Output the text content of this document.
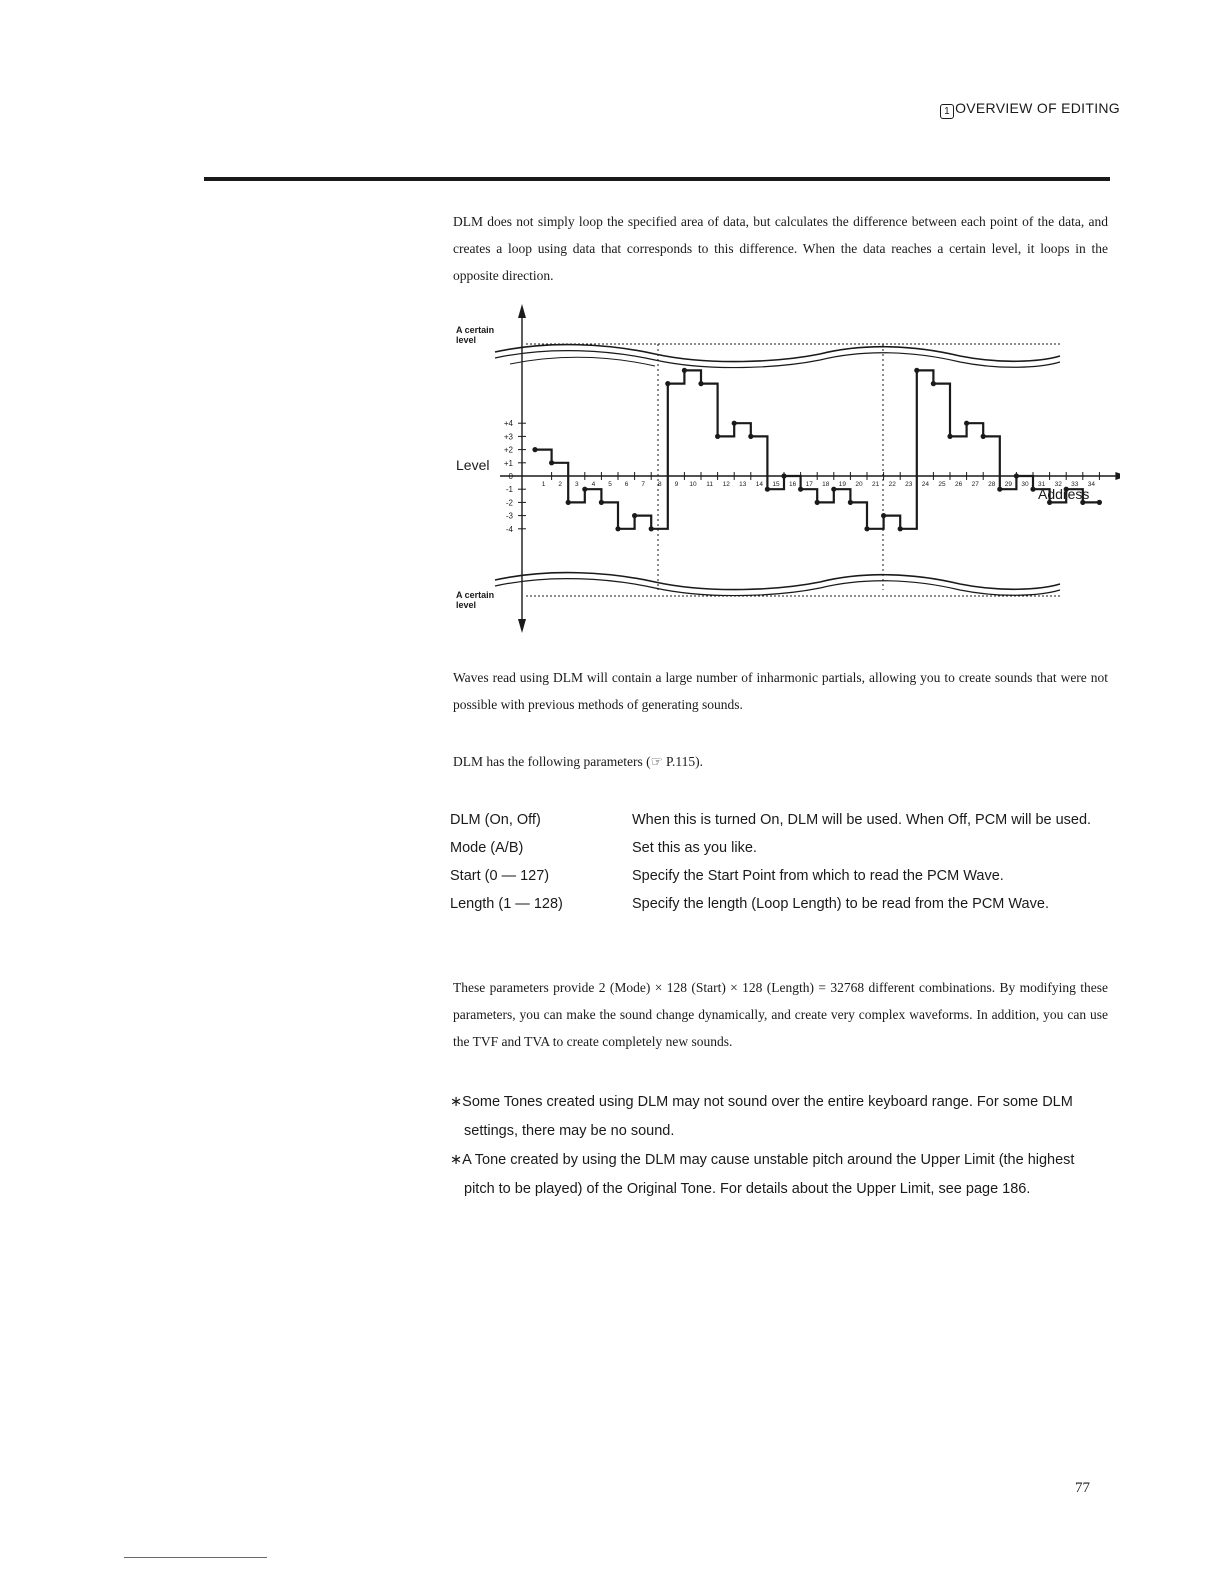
1 OVERVIEW OF EDITING
DLM does not simply loop the specified area of data, but calculates the difference between each point of the data, and creates a loop using data that corresponds to this difference. When the data reaches a certain level, it loops in the opposite direction.
+4
+3
+2
+1
0
-1
-2
-3
-4
1 2 3 4 5 6 7 8 9 10 11 12 13 14 15 16 17 18 19 20 21 22 23 24 25 26 27 28 29 30 31 32 33 34
A certain level
A certain level
Level
Address
Waves read using DLM will contain a large number of inharmonic partials, allowing you to create sounds that were not possible with previous methods of generating sounds.
DLM has the following parameters (☞ P.115).
DLM (On, Off)	When this is turned On, DLM will be used. When Off, PCM will be used.
Mode (A/B)	Set this as you like.
Start (0 — 127)	Specify the Start Point from which to read the PCM Wave.
Length (1 — 128)	Specify the length (Loop Length) to be read from the PCM Wave.
These parameters provide 2 (Mode) × 128 (Start) × 128 (Length) = 32768 different combinations. By modifying these parameters, you can make the sound change dynamically, and create very complex waveforms. In addition, you can use the TVF and TVA to create completely new sounds.
∗Some Tones created using DLM may not sound over the entire keyboard range. For some DLM settings, there may be no sound.
∗A Tone created by using the DLM may cause unstable pitch around the Upper Limit (the highest pitch to be played) of the Original Tone. For details about the Upper Limit, see page 186.
77
